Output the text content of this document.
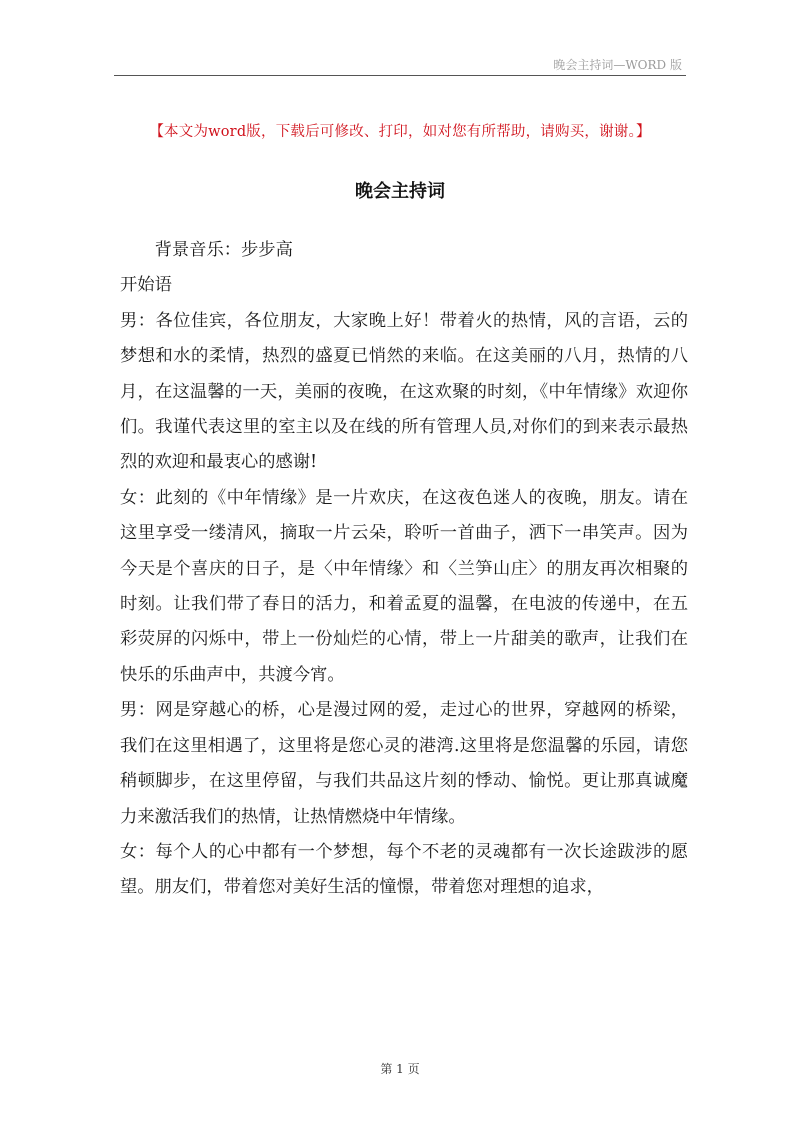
晚会主持词—WORD 版
【本文为word版，下载后可修改、打印，如对您有所帮助，请购买，谢谢。】
晚会主持词

背景音乐：步步高

开始语

男：各位佳宾，各位朋友，大家晚上好！带着火的热情，风的言语，云的梦想和水的柔情，热烈的盛夏已悄然的来临。在这美丽的八月，热情的八月，在这温馨的一天，美丽的夜晚，在这欢聚的时刻，《中年情缘》欢迎你们。我谨代表这里的室主以及在线的所有管理人员,对你们的到来表示最热烈的欢迎和最衷心的感谢!

女：此刻的《中年情缘》是一片欢庆，在这夜色迷人的夜晚，朋友。请在这里享受一缕清风，摘取一片云朵，聆听一首曲子，洒下一串笑声。因为今天是个喜庆的日子，是〈中年情缘〉和〈兰笋山庄〉的朋友再次相聚的时刻。让我们带了春日的活力，和着孟夏的温馨，在电波的传递中，在五彩荧屏的闪烁中，带上一份灿烂的心情，带上一片甜美的歌声，让我们在快乐的乐曲声中，共渡今宵。

男：网是穿越心的桥，心是漫过网的爱，走过心的世界，穿越网的桥梁，我们在这里相遇了，这里将是您心灵的港湾.这里将是您温馨的乐园，请您稍顿脚步，在这里停留，与我们共品这片刻的悸动、愉悦。更让那真诚魔力来激活我们的热情，让热情燃烧中年情缘。

女：每个人的心中都有一个梦想，每个不老的灵魂都有一次长途跋涉的愿望。朋友们，带着您对美好生活的憧憬，带着您对理想的追求，

第 1 页
